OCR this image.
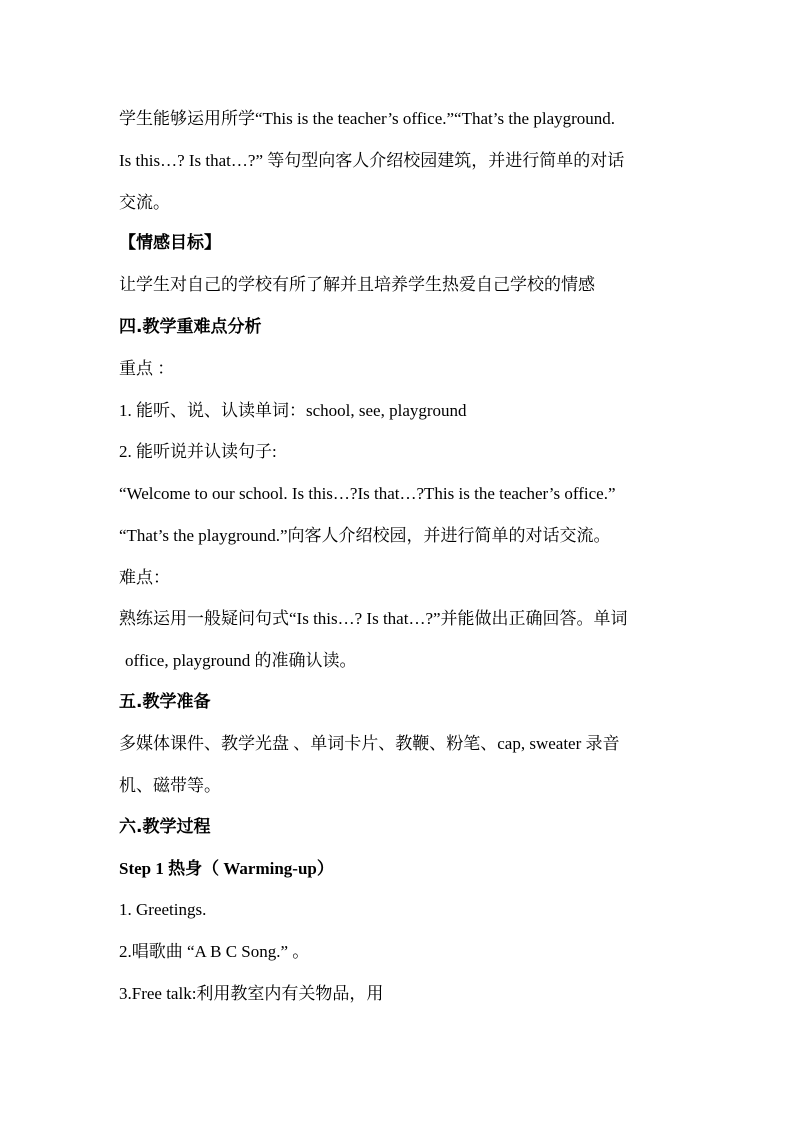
学生能够运用所学“This is the teacher’s office.”“That’s the playground.
Is this…? Is that…?” 等句型向客人介绍校园建筑，并进行简单的对话
交流。
【情感目标】
让学生对自己的学校有所了解并且培养学生热爱自己学校的情感
四.教学重难点分析
重点 ：
1. 能听、说、认读单词：school, see, playground
2. 能听说并认读句子:
“Welcome to our school. Is this…?Is that…?This is the teacher’s office.”
“That’s the playground.”向客人介绍校园，并进行简单的对话交流。
难点：
熟练运用一般疑问句式“Is this…? Is that…?”并能做出正确回答。单词
office, playground 的准确认读。
五.教学准备
多媒体课件、教学光盘 、单词卡片、教鞭、粉笔、cap, sweater 录音
机、磁带等。
六.教学过程
Step 1 热身（ Warming-up）
1. Greetings.
2.唱歌曲 “A B C Song.” 。
3.Free talk:利用教室内有关物品，用
